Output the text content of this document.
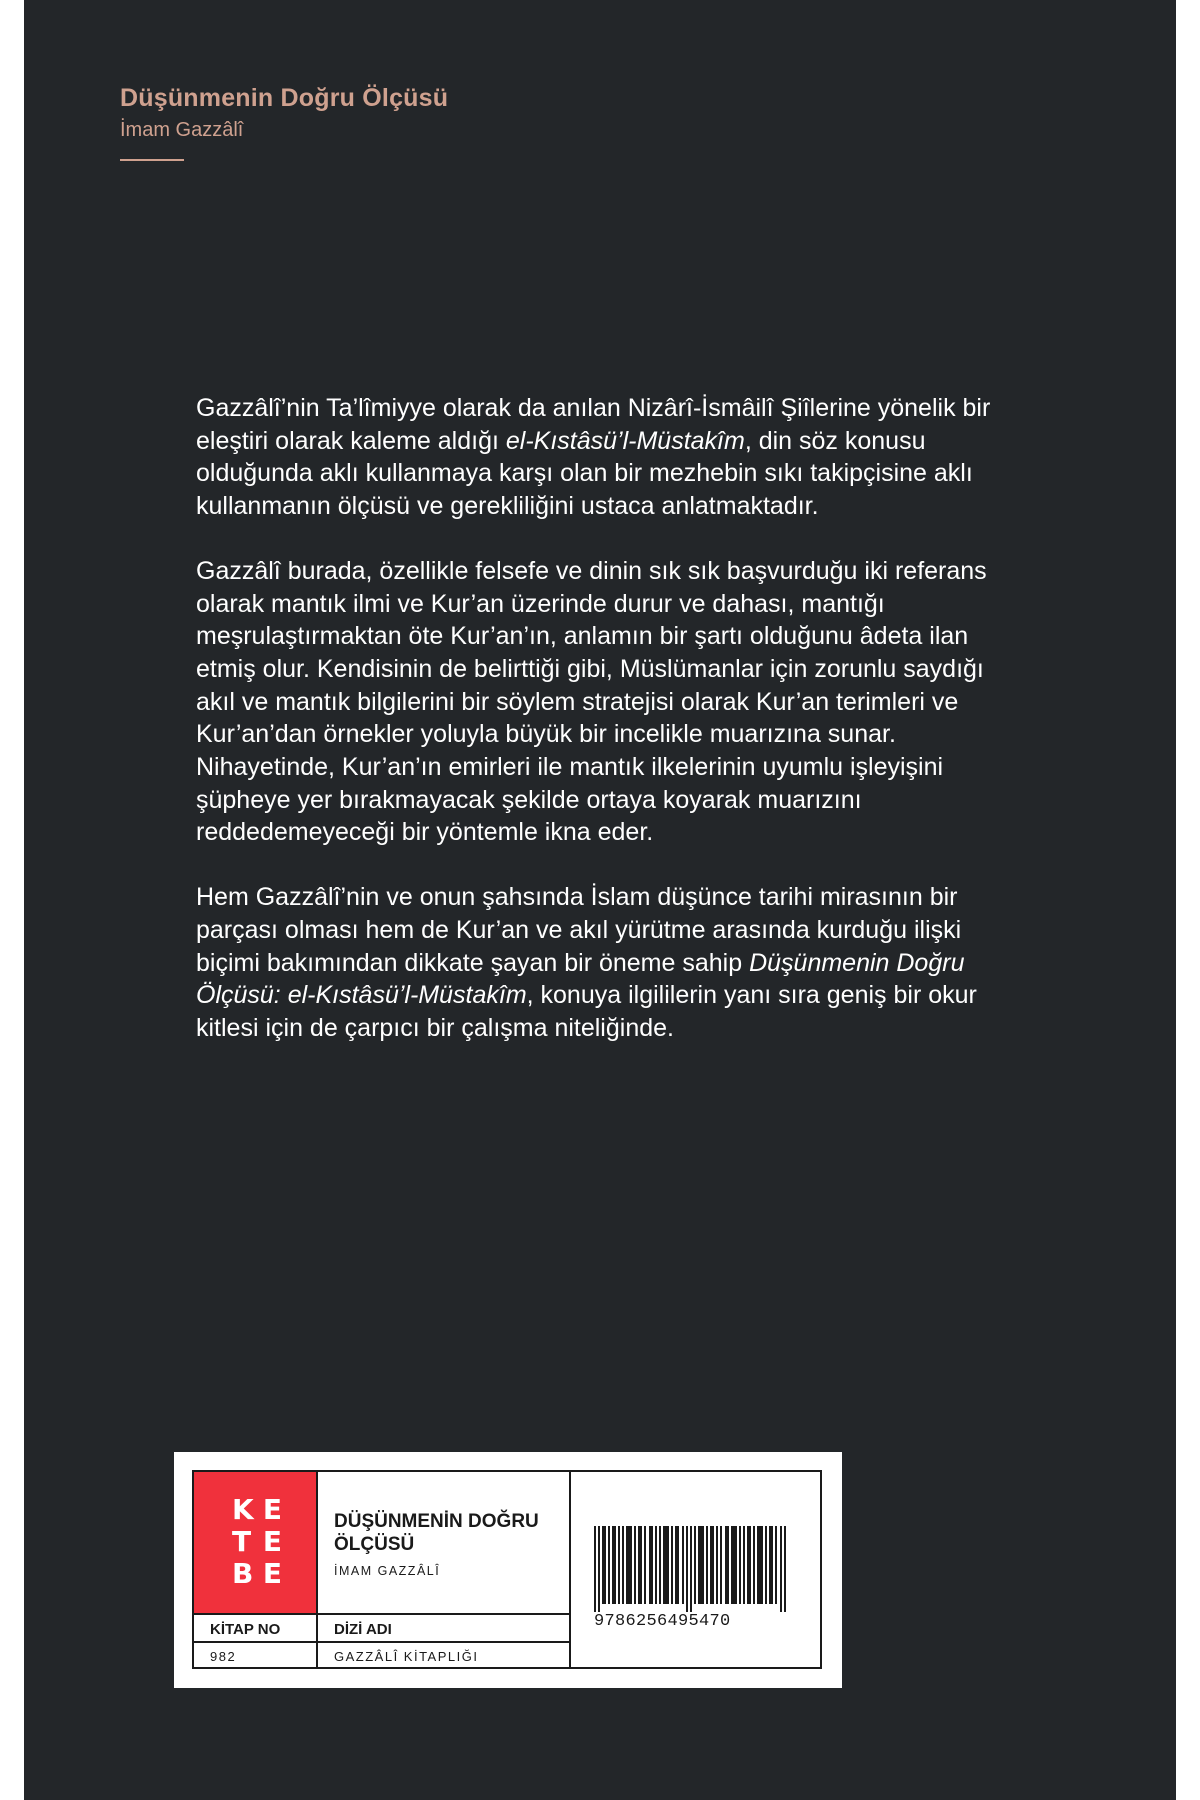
Düşünmenin Doğru Ölçüsü
İmam Gazzâlî

Gazzâlî’nin Ta’lîmiyye olarak da anılan Nizârî-İsmâilî Şiîlerine yönelik bir eleştiri olarak kaleme aldığı el-Kıstâsü’l-Müstakîm, din söz konusu olduğunda aklı kullanmaya karşı olan bir mezhebin sıkı takipçisine aklı kullanmanın ölçüsü ve gerekliliğini ustaca anlatmaktadır.

Gazzâlî burada, özellikle felsefe ve dinin sık sık başvurduğu iki referans olarak mantık ilmi ve Kur’an üzerinde durur ve dahası, mantığı meşrulaştırmaktan öte Kur’an’ın, anlamın bir şartı olduğunu âdeta ilan etmiş olur. Kendisinin de belirttiği gibi, Müslümanlar için zorunlu saydığı akıl ve mantık bilgilerini bir söylem stratejisi olarak Kur’an terimleri ve Kur’an’dan örnekler yoluyla büyük bir incelikle muarızına sunar. Nihayetinde, Kur’an’ın emirleri ile mantık ilkelerinin uyumlu işleyişini şüpheye yer bırakmayacak şekilde ortaya koyarak muarızını reddedemeyeceği bir yöntemle ikna eder.

Hem Gazzâlî’nin ve onun şahsında İslam düşünce tarihi mirasının bir parçası olması hem de Kur’an ve akıl yürütme arasında kurduğu ilişki biçimi bakımından dikkate şayan bir öneme sahip Düşünmenin Doğru Ölçüsü: el-Kıstâsü’l-Müstakîm, konuya ilgililerin yanı sıra geniş bir okur kitlesi için de çarpıcı bir çalışma niteliğinde.

K E
T E
B E
DÜŞÜNMENİN DOĞRU ÖLÇÜSÜ
İMAM GAZZÂLÎ
KİTAP NO	DİZİ ADI
982	GAZZÂLÎ KİTAPLIĞI
9786256495470
